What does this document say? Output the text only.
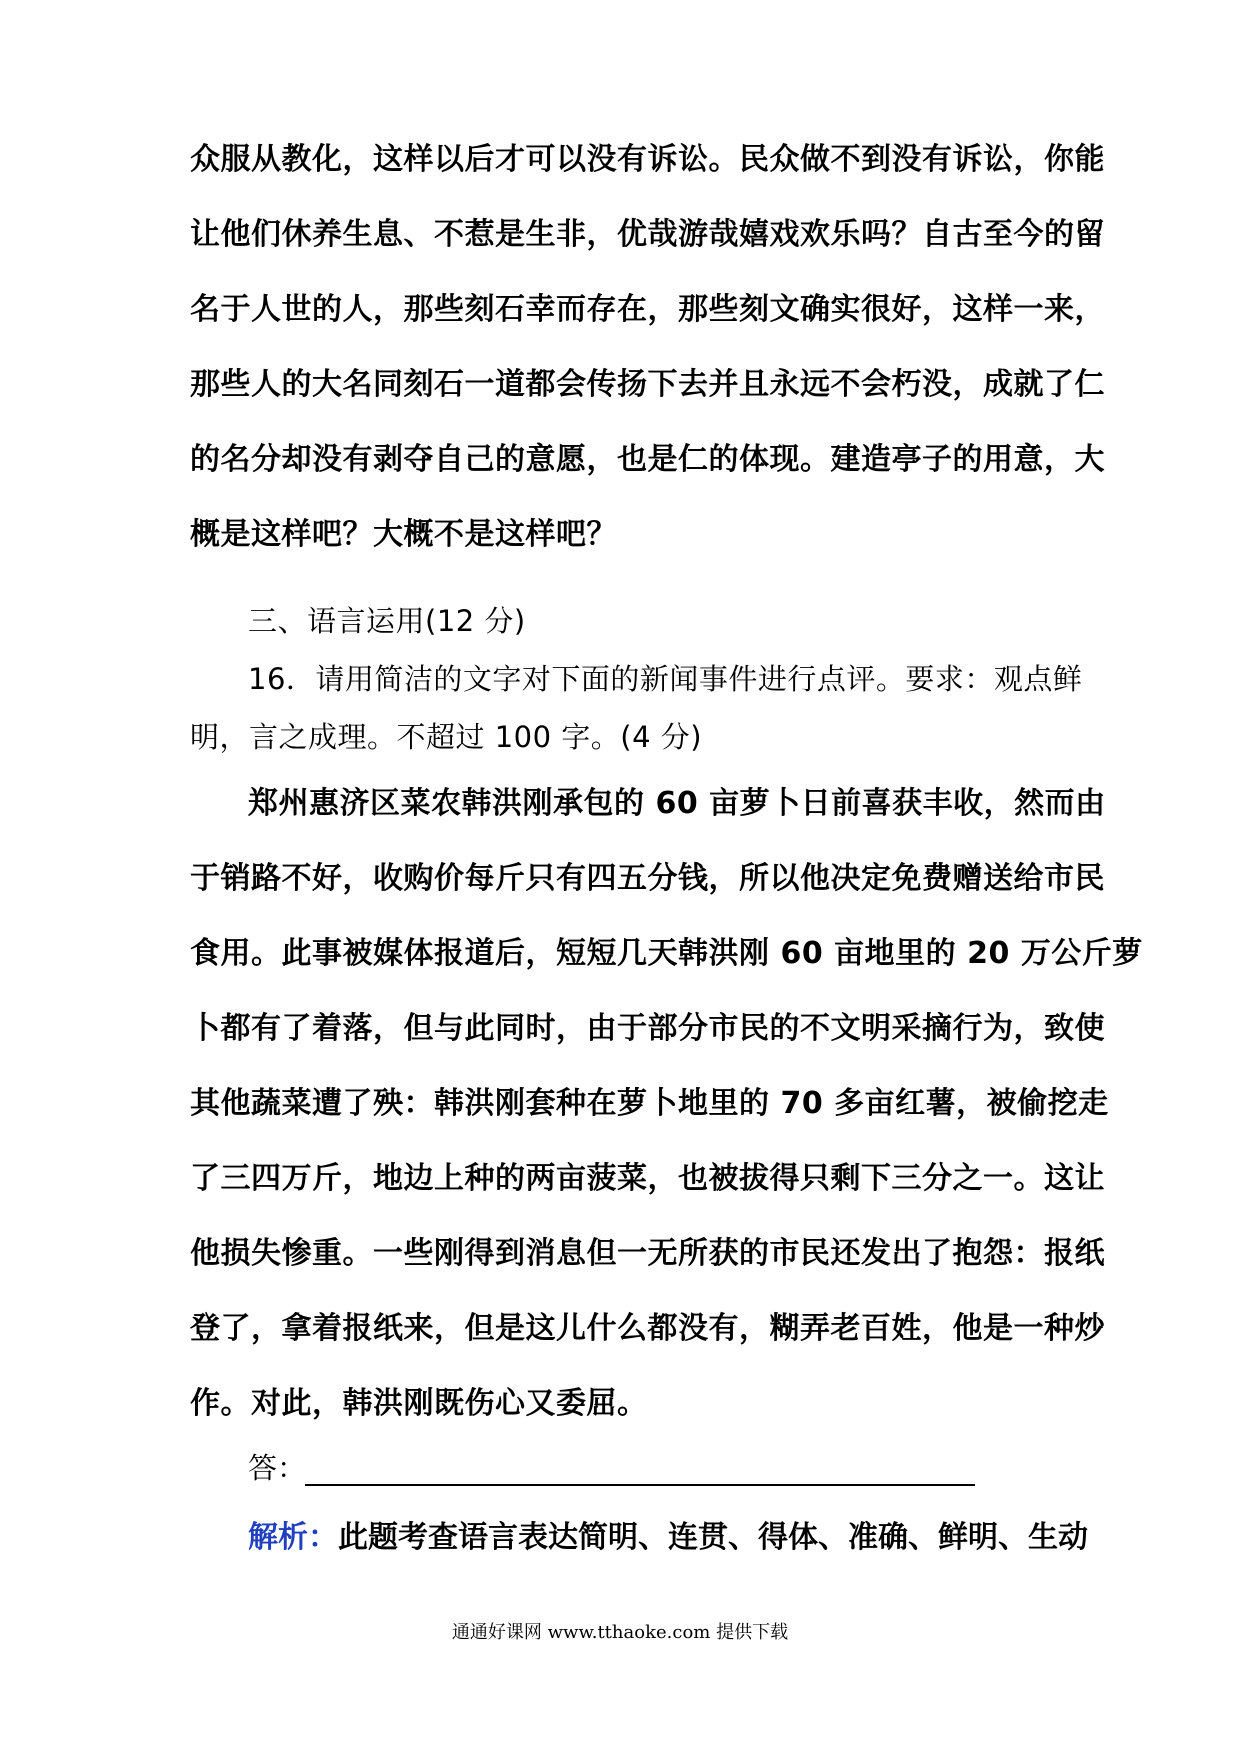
众服从教化，这样以后才可以没有诉讼。民众做不到没有诉讼，你能
让他们休养生息、不惹是生非，优哉游哉嬉戏欢乐吗？自古至今的留
名于人世的人，那些刻石幸而存在，那些刻文确实很好，这样一来，
那些人的大名同刻石一道都会传扬下去并且永远不会朽没，成就了仁
的名分却没有剥夺自己的意愿，也是仁的体现。建造亭子的用意，大
概是这样吧？大概不是这样吧？
三、语言运用(12 分)
16．请用简洁的文字对下面的新闻事件进行点评。要求：观点鲜
明，言之成理。不超过 100 字。(4 分)
郑州惠济区菜农韩洪刚承包的 60 亩萝卜日前喜获丰收，然而由
于销路不好，收购价每斤只有四五分钱，所以他决定免费赠送给市民
食用。此事被媒体报道后，短短几天韩洪刚 60 亩地里的 20 万公斤萝
卜都有了着落，但与此同时，由于部分市民的不文明采摘行为，致使
其他蔬菜遭了殃：韩洪刚套种在萝卜地里的 70 多亩红薯，被偷挖走
了三四万斤，地边上种的两亩菠菜，也被拔得只剩下三分之一。这让
他损失惨重。一些刚得到消息但一无所获的市民还发出了抱怨：报纸
登了，拿着报纸来，但是这儿什么都没有，糊弄老百姓，他是一种炒
作。对此，韩洪刚既伤心又委屈。
答：
解析：此题考查语言表达简明、连贯、得体、准确、鲜明、生动
通通好课网 www.tthaoke.com 提供下载
